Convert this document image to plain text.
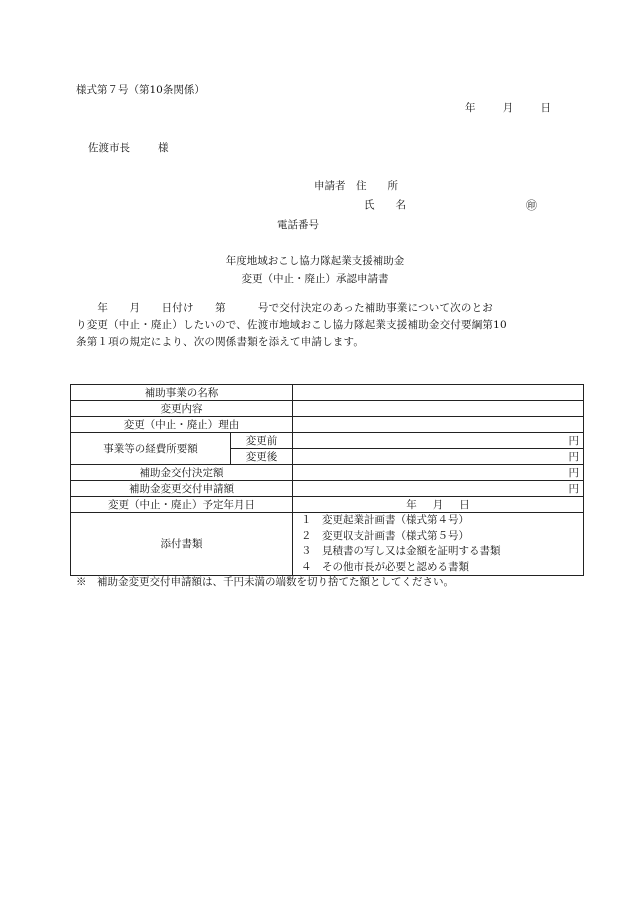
様式第７号（第10条関係）
年	月	日
佐渡市長	様
申請者　住　　所
氏　　名	㊞
電話番号
年度地域おこし協力隊起業支援補助金
変更（中止・廃止）承認申請書

　　年　　月　　日付け　　第　　　号で交付決定のあった補助事業について次のとお

り変更（中止・廃止）したいので、佐渡市地域おこし協力隊起業支援補助金交付要綱第10

条第１項の規定により、次の関係書類を添えて申請します。

補助事業の名称		
変更内容		
変更（中止・廃止）理由		
事業等の経費所要額	変更前	円
	変更後	円
補助金交付決定額		円
補助金変更交付申請額		円
変更（中止・廃止）予定年月日		年 月 日

添付書類		１　変更起業計画書（様式第４号）
２　変更収支計画書（様式第５号）
３　見積書の写し又は金額を証明する書類
４　その他市長が必要と認める書類
※　補助金変更交付申請額は、千円未満の端数を切り捨てた額としてください。
